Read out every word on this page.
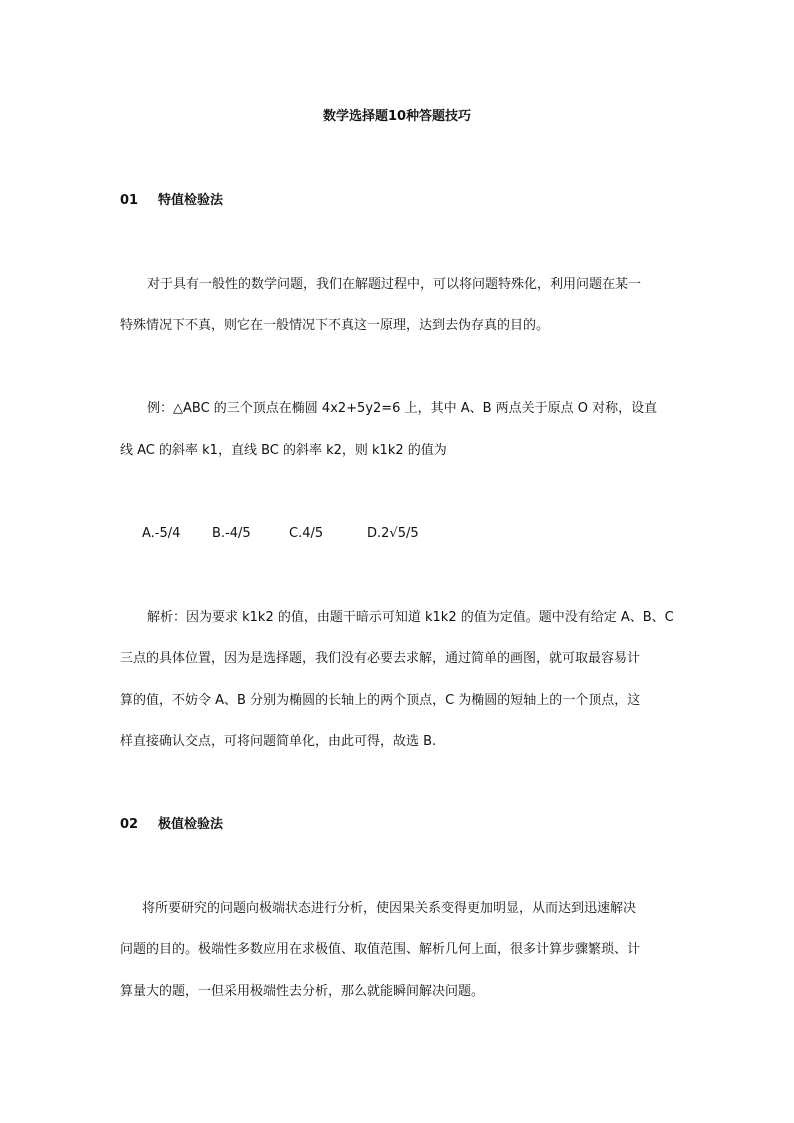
数学选择题10种答题技巧
01 特值检验法
对于具有一般性的数学问题，我们在解题过程中，可以将问题特殊化，利用问题在某一
特殊情况下不真，则它在一般情况下不真这一原理，达到去伪存真的目的。
例：△ABC 的三个顶点在椭圆 4x2+5y2=6 上，其中 A、B 两点关于原点 O 对称，设直
线 AC 的斜率 k1，直线 BC 的斜率 k2，则 k1k2 的值为
A.-5/4 B.-4/5	C.4/5	D.2√5/5
解析：因为要求 k1k2 的值，由题干暗示可知道 k1k2 的值为定值。题中没有给定 A、B、C
三点的具体位置，因为是选择题，我们没有必要去求解，通过简单的画图，就可取最容易计
算的值，不妨令 A、B 分别为椭圆的长轴上的两个顶点，C 为椭圆的短轴上的一个顶点，这
样直接确认交点，可将问题简单化，由此可得，故选 B.
02 极值检验法
将所要研究的问题向极端状态进行分析，使因果关系变得更加明显，从而达到迅速解决
问题的目的。极端性多数应用在求极值、取值范围、解析几何上面，很多计算步骤繁琐、计
算量大的题，一但采用极端性去分析，那么就能瞬间解决问题。
